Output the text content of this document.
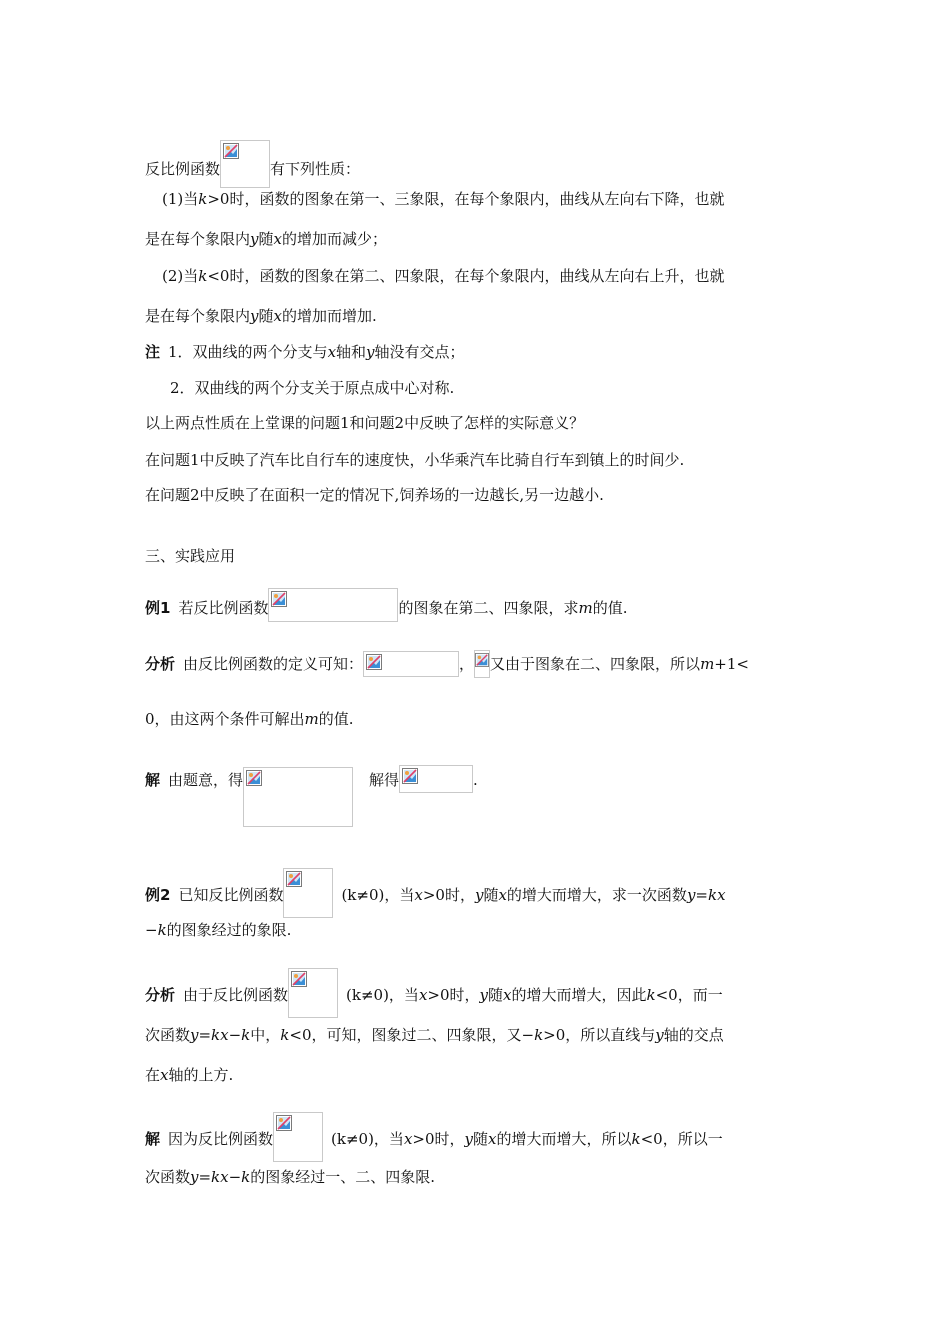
反比例函数	有下列性质：
(1)当k>0时，函数的图象在第一、三象限，在每个象限内，曲线从左向右下降，也就
是在每个象限内y随x的增加而减少；
(2)当k<0时，函数的图象在第二、四象限，在每个象限内，曲线从左向右上升，也就
是在每个象限内y随x的增加而增加.
注 1．双曲线的两个分支与x轴和y轴没有交点；
2．双曲线的两个分支关于原点成中心对称.
以上两点性质在上堂课的问题1和问题2中反映了怎样的实际意义？
在问题1中反映了汽车比自行车的速度快，小华乘汽车比骑自行车到镇上的时间少.
在问题2中反映了在面积一定的情况下,饲养场的一边越长,另一边越小.
三、实践应用
例1 若反比例函数	的图象在第二、四象限，求m的值.
分析 由反比例函数的定义可知：	， 又由于图象在二、四象限，所以m+1<
0，由这两个条件可解出m的值.
解 由题意，得	解得	.
例2 已知反比例函数	(k≠0)，当x>0时，y随x的增大而增大，求一次函数y=kx
−k的图象经过的象限.
分析 由于反比例函数	(k≠0)，当x>0时，y随x的增大而增大，因此k<0，而一
次函数y=kx−k中，k<0，可知，图象过二、四象限，又−k>0，所以直线与y轴的交点
在x轴的上方.
解 因为反比例函数	(k≠0)，当x>0时，y随x的增大而增大，所以k<0，所以一
次函数y=kx−k的图象经过一、二、四象限.
